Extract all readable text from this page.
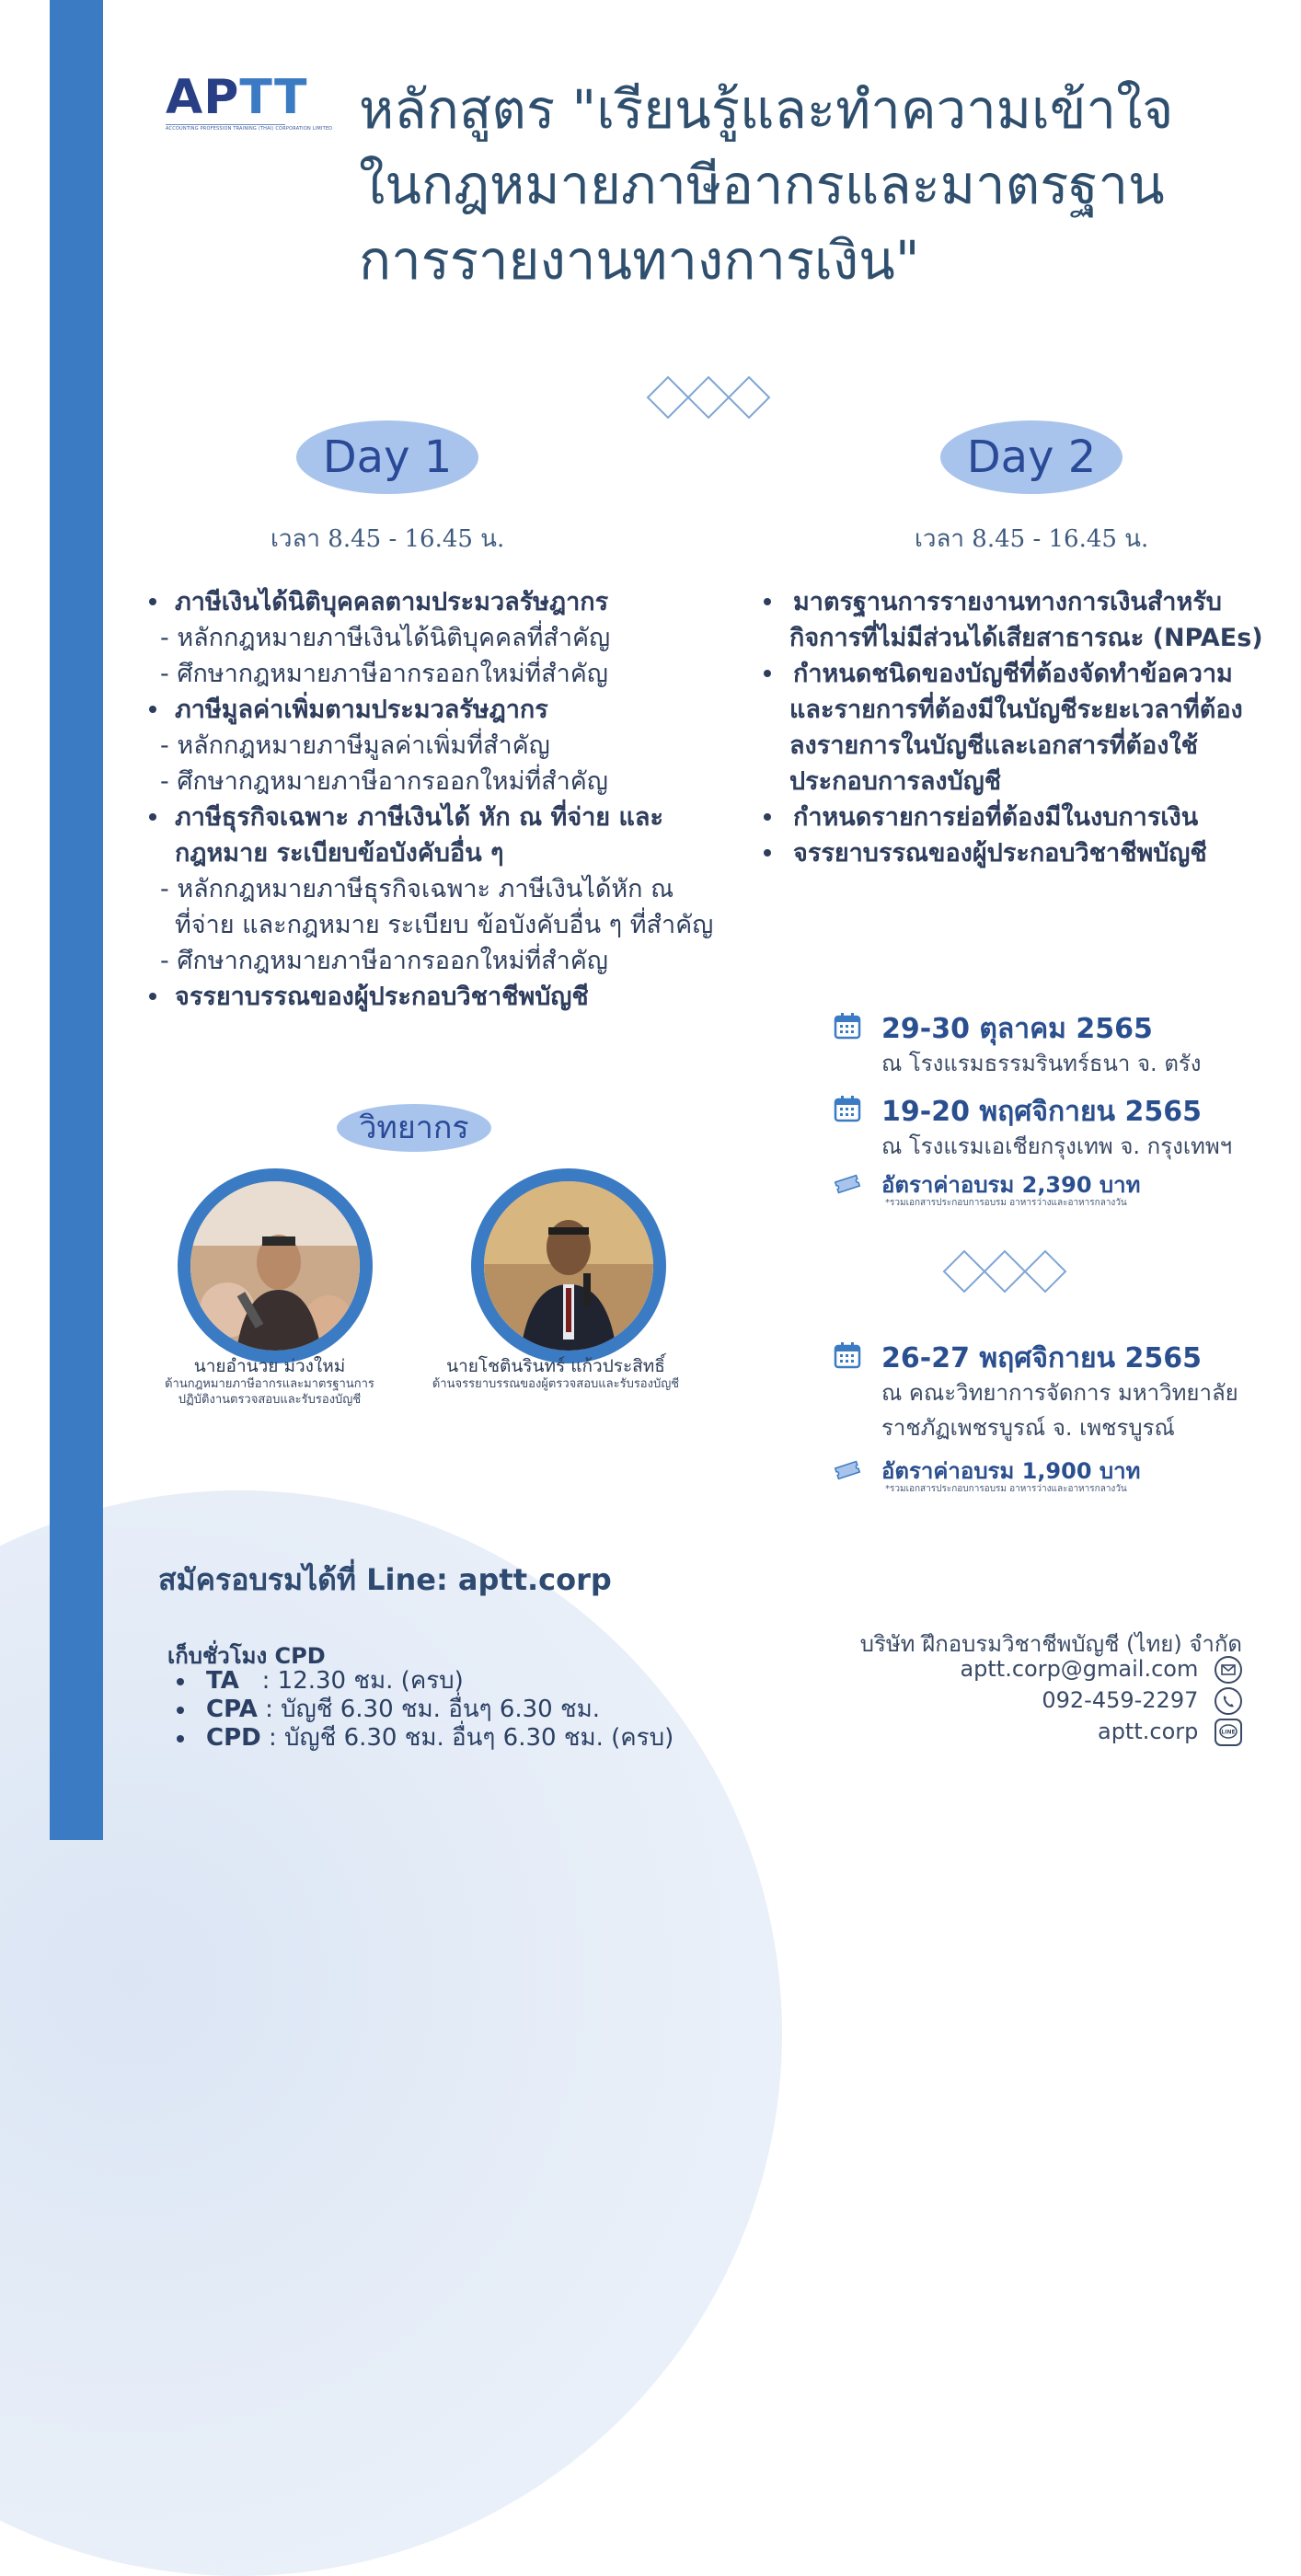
APTT
ACCOUNTING PROFESSION TRAINING (THAI) CORPORATION LIMITED หลักสูตร "เรียนรู้และทำความเข้าใจ
ในกฎหมายภาษีอากรและมาตรฐาน
การรายงานทางการเงิน"
Day 1
เวลา 8.45 - 16.45 น.
ภาษีเงินได้นิติบุคคลตามประมวลรัษฎากร
- หลักกฎหมายภาษีเงินได้นิติบุคคลที่สำคัญ
- ศึกษากฎหมายภาษีอากรออกใหม่ที่สำคัญ
ภาษีมูลค่าเพิ่มตามประมวลรัษฎากร
- หลักกฎหมายภาษีมูลค่าเพิ่มที่สำคัญ
- ศึกษากฎหมายภาษีอากรออกใหม่ที่สำคัญ
ภาษีธุรกิจเฉพาะ ภาษีเงินได้ หัก ณ ที่จ่าย และ
กฎหมาย ระเบียบข้อบังคับอื่น ๆ
- หลักกฎหมายภาษีธุรกิจเฉพาะ ภาษีเงินได้หัก ณ
ที่จ่าย และกฎหมาย ระเบียบ ข้อบังคับอื่น ๆ ที่สำคัญ
- ศึกษากฎหมายภาษีอากรออกใหม่ที่สำคัญ
จรรยาบรรณของผู้ประกอบวิชาชีพบัญชี
Day 2
เวลา 8.45 - 16.45 น.
มาตรฐานการรายงานทางการเงินสำหรับ
กิจการที่ไม่มีส่วนได้เสียสาธารณะ (NPAEs)
กำหนดชนิดของบัญชีที่ต้องจัดทำข้อความ
และรายการที่ต้องมีในบัญชีระยะเวลาที่ต้อง
ลงรายการในบัญชีและเอกสารที่ต้องใช้
ประกอบการลงบัญชี
กำหนดรายการย่อที่ต้องมีในงบการเงิน
จรรยาบรรณของผู้ประกอบวิชาชีพบัญชี
29-30 ตุลาคม 2565
ณ โรงแรมธรรมรินทร์ธนา จ. ตรัง
19-20 พฤศจิกายน 2565
ณ โรงแรมเอเชียกรุงเทพ จ. กรุงเทพฯ
อัตราค่าอบรม 2,390 บาท
*รวมเอกสารประกอบการอบรม อาหารว่างและอาหารกลางวัน
26-27 พฤศจิกายน 2565
ณ คณะวิทยาการจัดการ มหาวิทยาลัย
ราชภัฏเพชรบูรณ์ จ. เพชรบูรณ์
อัตราค่าอบรม 1,900 บาท
*รวมเอกสารประกอบการอบรม อาหารว่างและอาหารกลางวัน
วิทยากร
นายอำนวย ม่วงใหม่
ด้านกฎหมายภาษีอากรและมาตรฐานการ
ปฏิบัติงานตรวจสอบและรับรองบัญชี
นายโชตินรินทร์ แก้วประสิทธิ์
ด้านจรรยาบรรณของผู้ตรวจสอบและรับรองบัญชี
สมัครอบรมได้ที่ Line: aptt.corp
เก็บชั่วโมง CPD
TA   : 12.30 ชม. (ครบ)
CPA : บัญชี 6.30 ชม. อื่นๆ 6.30 ชม.
CPD : บัญชี 6.30 ชม. อื่นๆ 6.30 ชม. (ครบ)
บริษัท ฝึกอบรมวิชาชีพบัญชี (ไทย) จำกัด
aptt.corp@gmail.com
092-459-2297
aptt.corp	LINE
